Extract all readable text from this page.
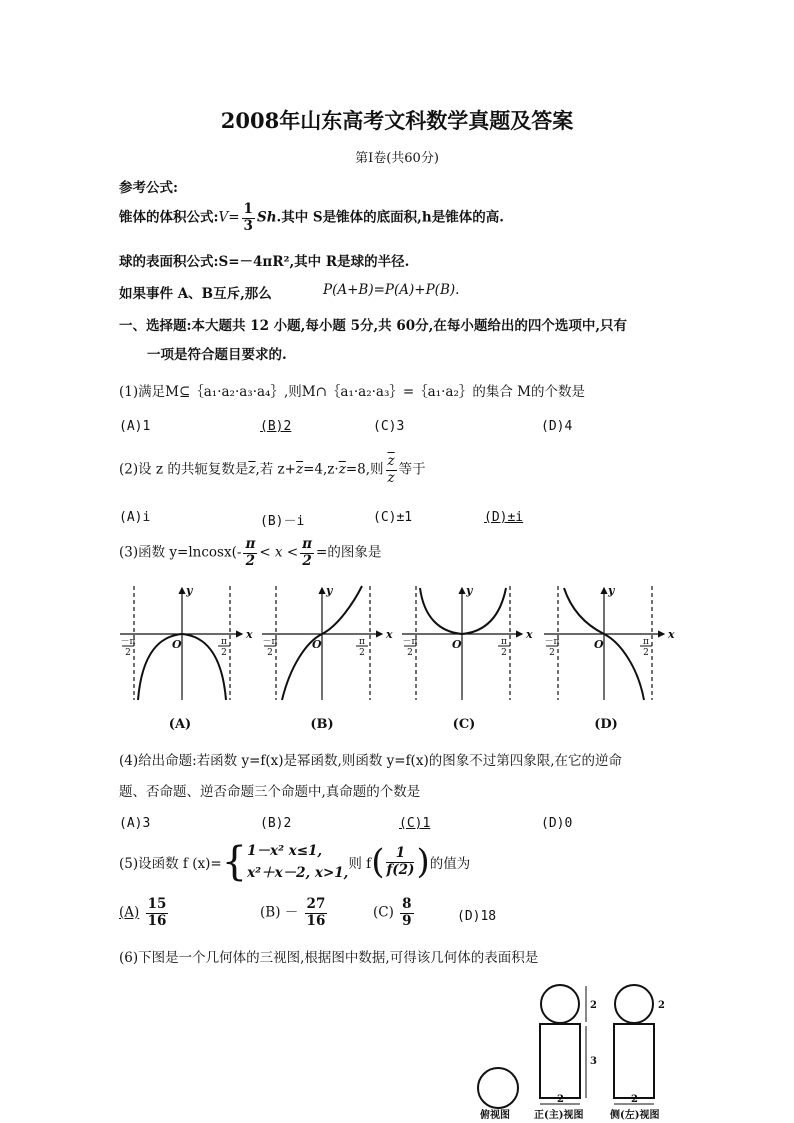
2008年山东高考文科数学真题及答案
第Ⅰ卷(共60分)
参考公式:
锥体的体积公式:V= $\frac{1}{3} Sh$.其中 S是锥体的底面积,h是锥体的高.
球的表面积公式:S=－4πR²,其中 R是球的半径.
如果事件 A、B互斥,那么	P(A+B)=P(A)+P(B).
一、选择题:本大题共 12 小题,每小题 5分,共 60分,在每小题给出的四个选项中,只有
一项是符合题目要求的.
(1)满足M⊆｛a₁·a₂·a₃·a₄｝,则M∩｛a₁·a₂·a₃｝=｛a₁·a₂｝的集合 M的个数是
(A)1	(B)2	(C)3	(D)4
(2)设 z 的共轭复数是$\overline{z}$,若 $z+\overline{z}=4,z\cdot\overline{z}=8$,则 $\frac{\overline{z}}{z}$ 等于
(A)i	(B)－i	(C)±1	(D)±i
(3)函数 $y=lncosx(- \frac{\pi}{2} < x < \frac{\pi}{2}$ =的图象是
x
y
x
y
x
y
x
y
O	O	O	O
－π
2
π
2
－π
2
π
2
－π
2
π
2
－π
2
π
2
(A)	(B)	(C)	(D)
(4)给出命题:若函数 y=f(x)是幂函数,则函数 y=f(x)的图象不过第四象限,在它的逆命
题、否命题、逆否命题三个命题中,真命题的个数是
(A)3	(B)2	(C)1	(D)0
(5)设函数 f (x)={ 1－x² x≤1,
x²＋x－2, x>1,
则 $f( \frac{1}{f(2)}$ )的值为
$(A) \frac{15}{16}$	$(B) - \frac{27}{16}$	$(C) \frac{8}{9}$	(D)18
(6)下图是一个几何体的三视图,根据图中数据,可得该几何体的表面积是
2
3
2
2
2
俯视图 正(主)视图	侧(左)视图
